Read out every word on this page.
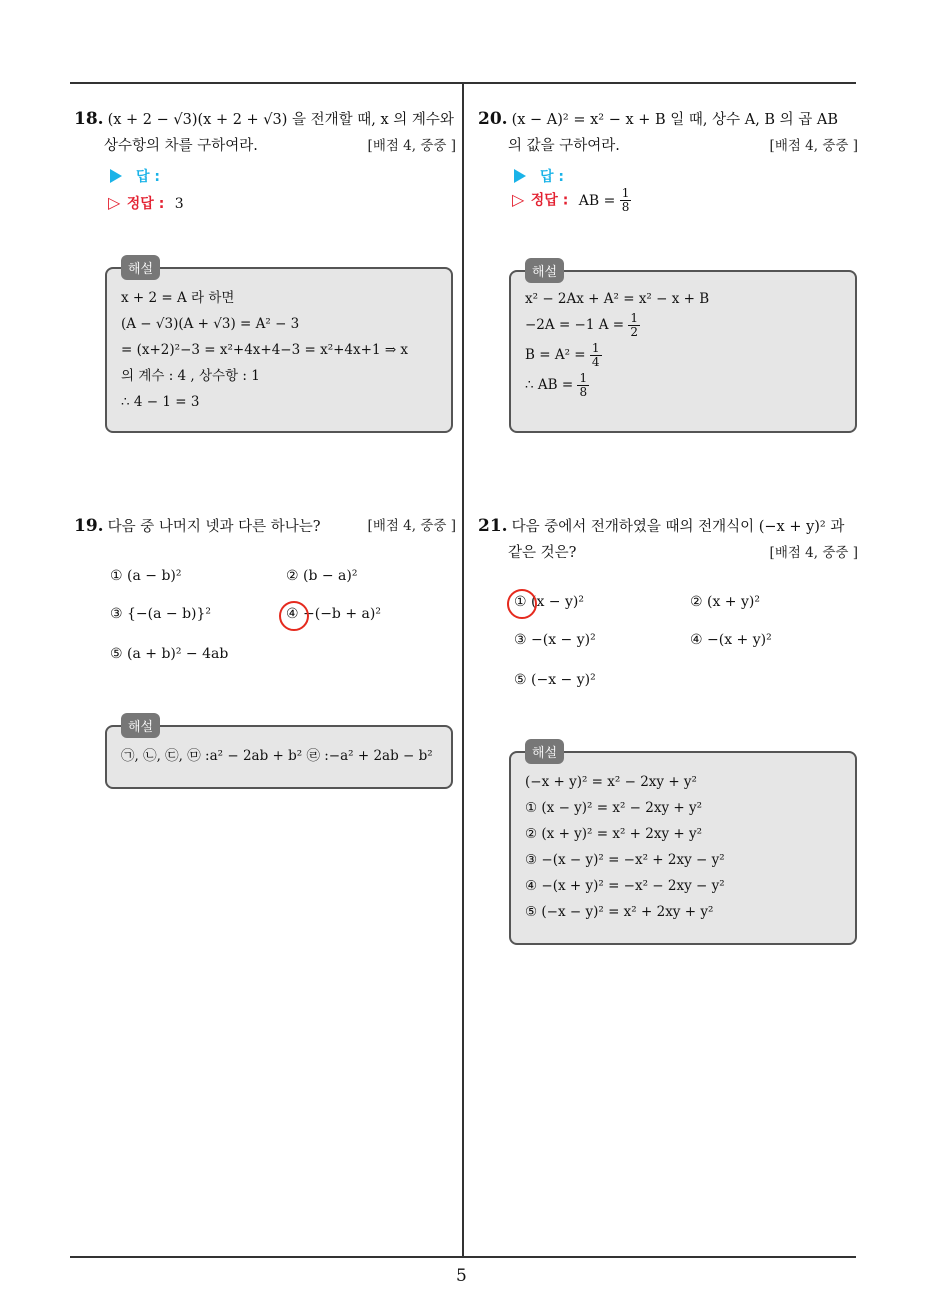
5
18. (x + 2 − √3)(x + 2 + √3) 을 전개할 때, x 의 계수와
상수항의 차를 구하여라.	[배점 4, 중중 ]
답 :
▷ 정답 : 3
해설
x + 2 = A 라 하면
(A − √3)(A + √3) = A² − 3
= (x+2)²−3 = x²+4x+4−3 = x²+4x+1 ⇒ x
의 계수 : 4 , 상수항 : 1
∴ 4 − 1 = 3
19. 다음 중 나머지 넷과 다른 하나는?	[배점 4, 중중 ]
① (a − b)²	② (b − a)²
③ {−(a − b)}²	④ −(−b + a)²
⑤ (a + b)² − 4ab
해설
㉠, ㉡, ㉢, ㉤ :a² − 2ab + b² ㉣ :−a² + 2ab − b²
20. (x − A)² = x² − x + B 일 때, 상수 A, B 의 곱 AB
의 값을 구하여라.	[배점 4, 중중 ]
답 :
▷ 정답 : AB = $\frac{1}{8}$
해설
x² − 2Ax + A² = x² − x + B
−2A = −1 $A = \frac{1}{2}$
$B = A^2 = \frac{1}{4}$
∴ AB = $\frac{1}{8}$
21. 다음 중에서 전개하였을 때의 전개식이 (−x + y)² 과
같은 것은?	[배점 4, 중중 ]
① (x − y)²	② (x + y)²
③ −(x − y)²	④ −(x + y)²
⑤ (−x − y)²
해설
(−x + y)² = x² − 2xy + y²
① (x − y)² = x² − 2xy + y²
② (x + y)² = x² + 2xy + y²
③ −(x − y)² = −x² + 2xy − y²
④ −(x + y)² = −x² − 2xy − y²
⑤ (−x − y)² = x² + 2xy + y²
